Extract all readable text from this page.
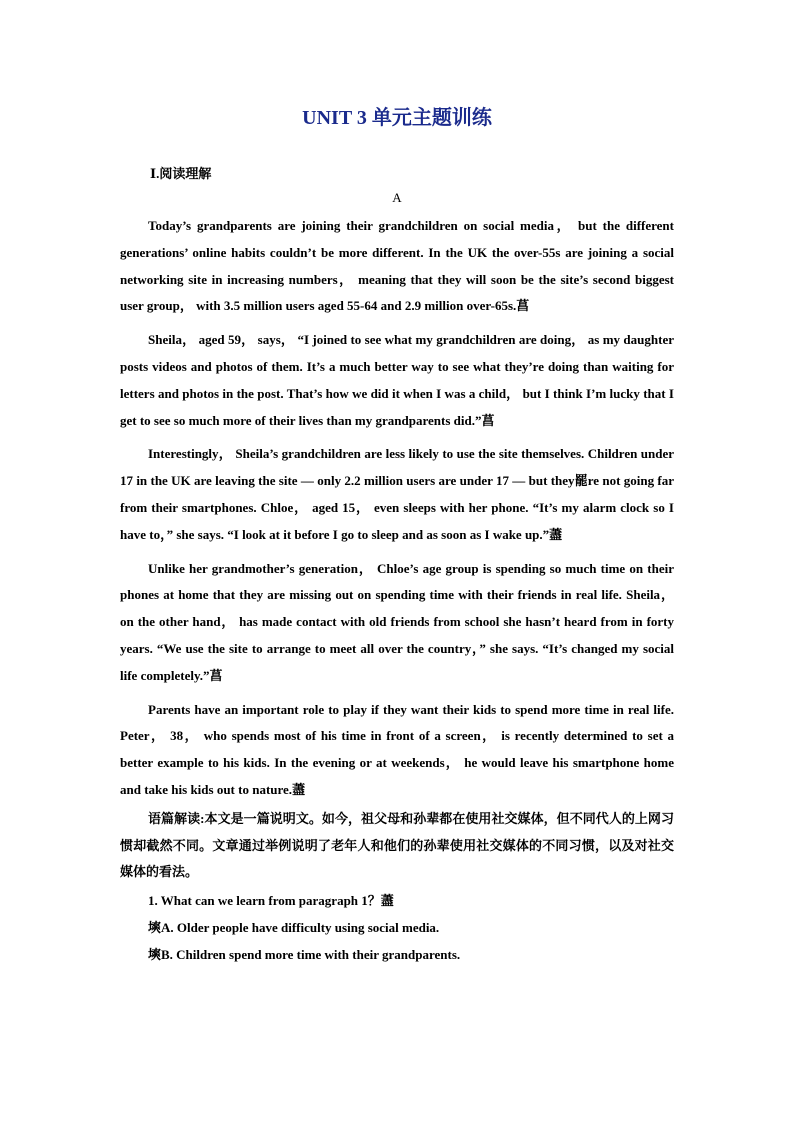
UNIT 3 单元主题训练
Ⅰ.阅读理解
A

Today’s grandparents are joining their grandchildren on social media， but the different generations’ online habits couldn’t be more different. In the UK the over-55s are joining a social networking site in increasing numbers， meaning that they will soon be the site’s second biggest user group， with 3.5 million users aged 55-64 and 2.9 million over-65s.菖

Sheila， aged 59， says， “I joined to see what my grandchildren are doing， as my daughter posts videos and photos of them. It’s a much better way to see what they’re doing than waiting for letters and photos in the post. That’s how we did it when I was a child， but I think I’m lucky that I get to see so much more of their lives than my grandparents did.”菖

Interestingly， Sheila’s grandchildren are less likely to use the site themselves. Children under 17 in the UK are leaving the site — only 2.2 million users are under 17 — but they罷re not going far from their smartphones. Chloe， aged 15， even sleeps with her phone. “It’s my alarm clock so I have to，” she says. “I look at it before I go to sleep and as soon as I wake up.”藎

Unlike her grandmother’s generation， Chloe’s age group is spending so much time on their phones at home that they are missing out on spending time with their friends in real life. Sheila， on the other hand， has made contact with old friends from school she hasn’t heard from in forty years. “We use the site to arrange to meet all over the country，” she says. “It’s changed my social life completely.”菖

Parents have an important role to play if they want their kids to spend more time in real life. Peter， 38， who spends most of his time in front of a screen， is recently determined to set a better example to his kids. In the evening or at weekends， he would leave his smartphone home and take his kids out to nature.藎

语篇解读:本文是一篇说明文。如今，祖父母和孙辈都在使用社交媒体，但不同代人的上网习惯却截然不同。文章通过举例说明了老年人和他们的孙辈使用社交媒体的不同习惯，以及对社交媒体的看法。

1. What can we learn from paragraph 1？藎

塽A. Older people have difficulty using social media.

塽B. Children spend more time with their grandparents.
